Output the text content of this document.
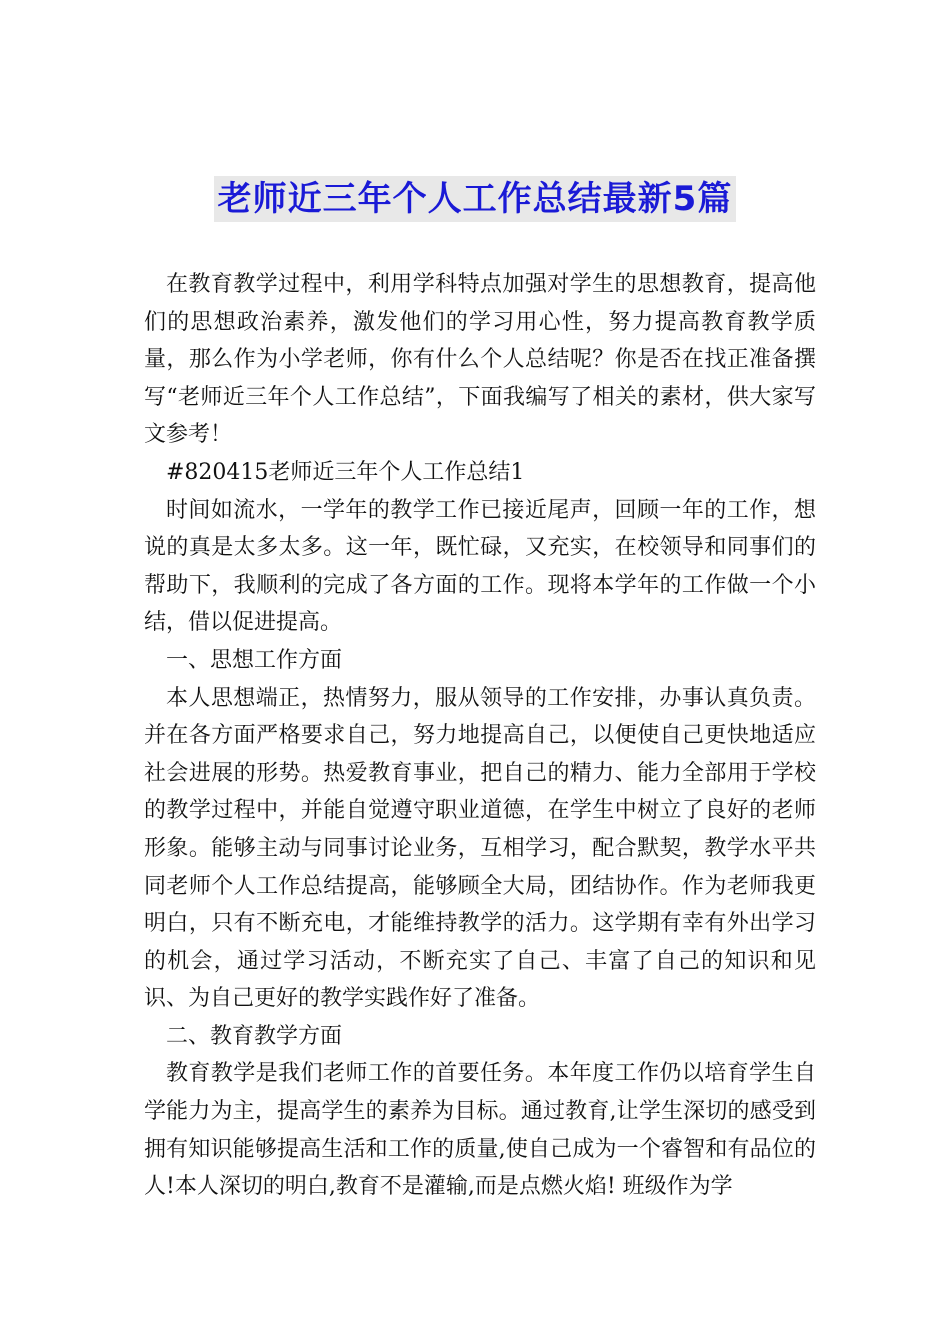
老师近三年个人工作总结最新5篇

在教育教学过程中，利用学科特点加强对学生的思想教育，提高他们的思想政治素养，激发他们的学习用心性，努力提高教育教学质量，那么作为小学老师，你有什么个人总结呢？你是否在找正准备撰写“老师近三年个人工作总结”，下面我编写了相关的素材，供大家写文参考！

#820415老师近三年个人工作总结1

时间如流水，一学年的教学工作已接近尾声，回顾一年的工作，想说的真是太多太多。这一年，既忙碌，又充实，在校领导和同事们的帮助下，我顺利的完成了各方面的工作。现将本学年的工作做一个小结，借以促进提高。

一、思想工作方面

本人思想端正，热情努力，服从领导的工作安排，办事认真负责。并在各方面严格要求自己，努力地提高自己，以便使自己更快地适应社会进展的形势。热爱教育事业，把自己的精力、能力全部用于学校的教学过程中，并能自觉遵守职业道德，在学生中树立了良好的老师形象。能够主动与同事讨论业务，互相学习，配合默契，教学水平共同老师个人工作总结提高，能够顾全大局，团结协作。作为老师我更明白，只有不断充电，才能维持教学的活力。这学期有幸有外出学习的机会，通过学习活动，不断充实了自己、丰富了自己的知识和见识、为自己更好的教学实践作好了准备。

二、教育教学方面

教育教学是我们老师工作的首要任务。本年度工作仍以培育学生自学能力为主，提高学生的素养为目标。通过教育,让学生深切的感受到拥有知识能够提高生活和工作的质量,使自己成为一个睿智和有品位的人!本人深切的明白,教育不是灌输,而是点燃火焰! 班级作为学
